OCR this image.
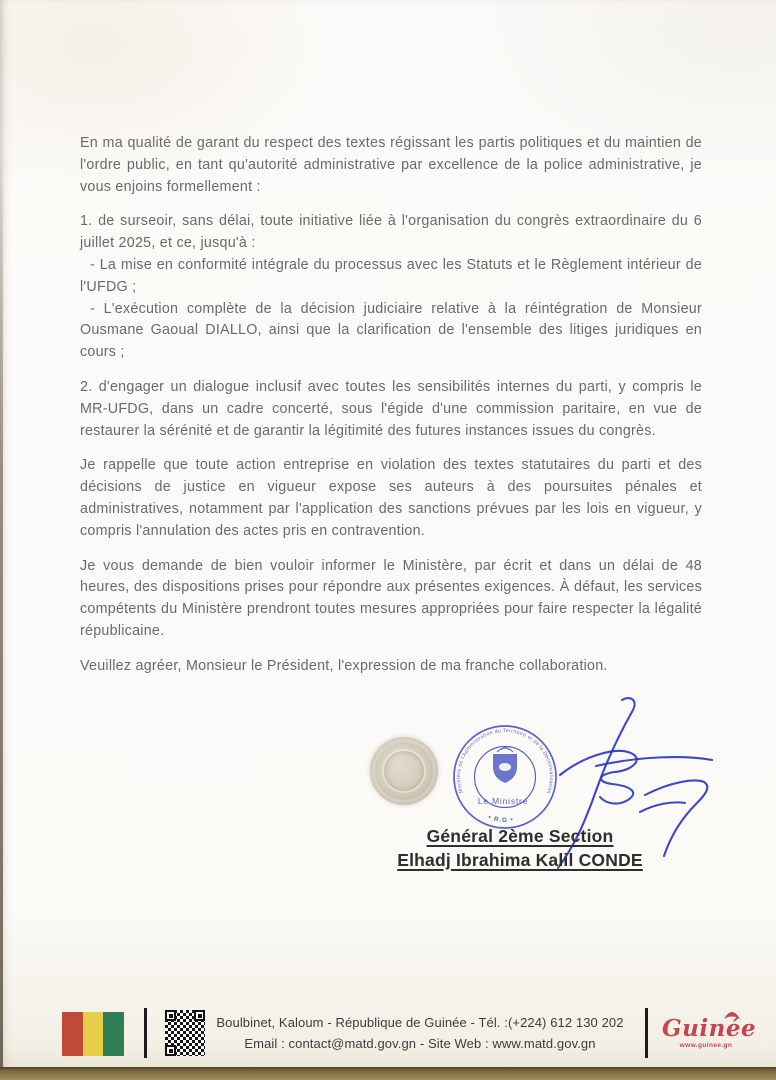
En ma qualité de garant du respect des textes régissant les partis politiques et du maintien de l'ordre public, en tant qu'autorité administrative par excellence de la police administrative, je vous enjoins formellement :

1. de surseoir, sans délai, toute initiative liée à l'organisation du congrès extraordinaire du 6 juillet 2025, et ce, jusqu'à :

- La mise en conformité intégrale du processus avec les Statuts et le Règlement intérieur de l'UFDG ;

- L'exécution complète de la décision judiciaire relative à la réintégration de Monsieur Ousmane Gaoual DIALLO, ainsi que la clarification de l'ensemble des litiges juridiques en cours ;

2. d'engager un dialogue inclusif avec toutes les sensibilités internes du parti, y compris le MR-UFDG, dans un cadre concerté, sous l'égide d'une commission paritaire, en vue de restaurer la sérénité et de garantir la légitimité des futures instances issues du congrès.

Je rappelle que toute action entreprise en violation des textes statutaires du parti et des décisions de justice en vigueur expose ses auteurs à des poursuites pénales et administratives, notamment par l'application des sanctions prévues par les lois en vigueur, y compris l'annulation des actes pris en contravention.

Je vous demande de bien vouloir informer le Ministère, par écrit et dans un délai de 48 heures, des dispositions prises pour répondre aux présentes exigences. À défaut, les services compétents du Ministère prendront toutes mesures appropriées pour faire respecter la légalité républicaine.

Veuillez agréer, Monsieur le Président, l'expression de ma franche collaboration.

Ministère de l'Administration du Territoire et de la Décentralisation
• R.G •
Le Ministre
Général 2ème Section
Elhadj Ibrahima Kalil CONDE
Boulbinet, Kaloum - République de Guinée - Tél. :(+224) 612 130 202
Email : contact@matd.gov.gn - Site Web : www.matd.gov.gn
Guinée
www.guinee.gn
